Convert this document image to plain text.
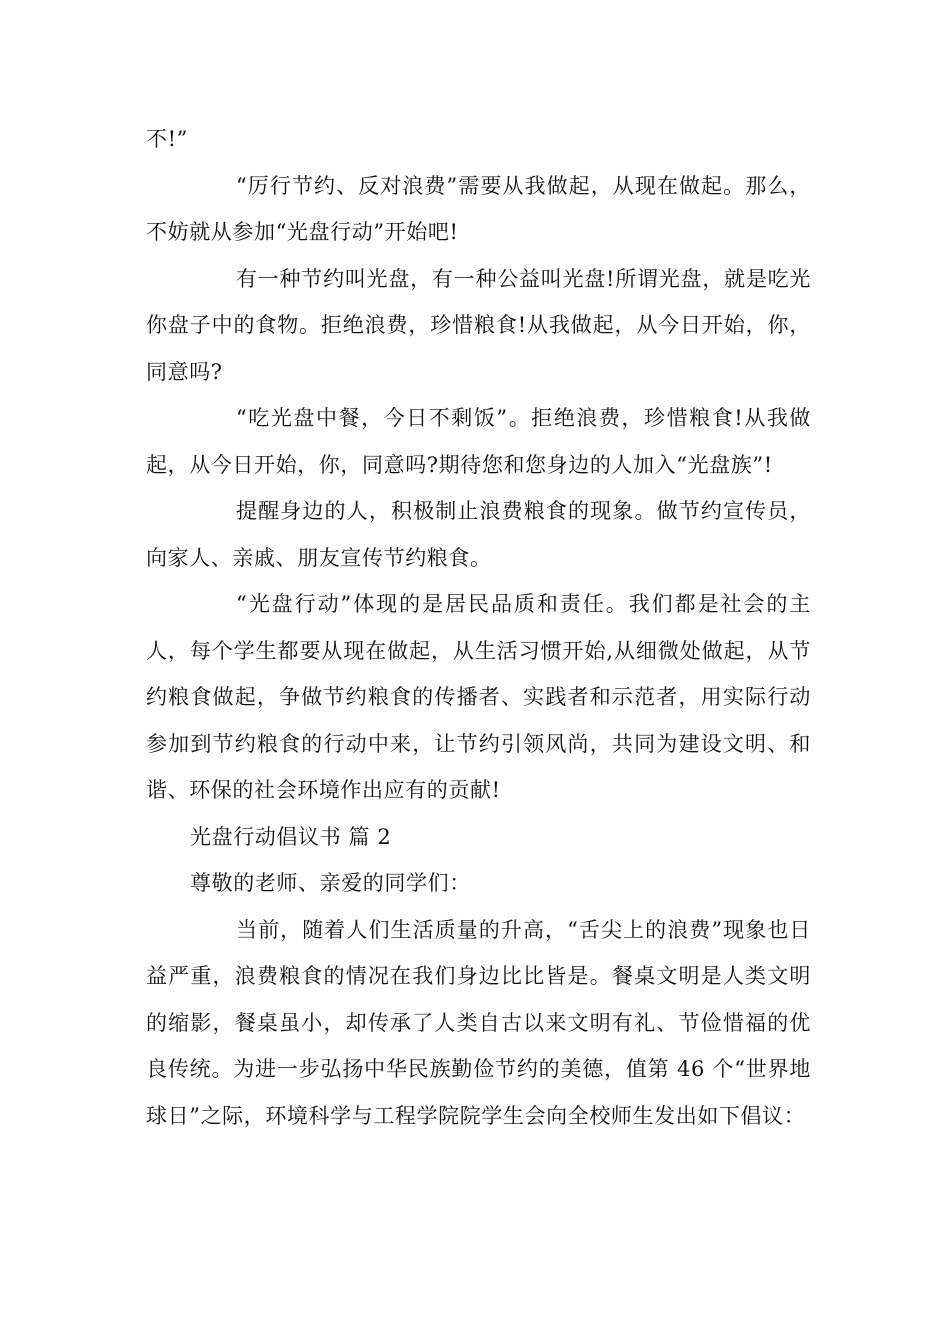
不!”

“厉行节约、反对浪费”需要从我做起，从现在做起。那么，不妨就从参加“光盘行动”开始吧!

有一种节约叫光盘，有一种公益叫光盘!所谓光盘，就是吃光你盘子中的食物。拒绝浪费，珍惜粮食!从我做起，从今日开始，你，同意吗?

“吃光盘中餐，今日不剩饭”。拒绝浪费，珍惜粮食!从我做起，从今日开始，你，同意吗?期待您和您身边的人加入“光盘族”!

提醒身边的人，积极制止浪费粮食的现象。做节约宣传员，向家人、亲戚、朋友宣传节约粮食。

“光盘行动”体现的是居民品质和责任。我们都是社会的主人，每个学生都要从现在做起，从生活习惯开始,从细微处做起，从节约粮食做起，争做节约粮食的传播者、实践者和示范者，用实际行动参加到节约粮食的行动中来，让节约引领风尚，共同为建设文明、和谐、环保的社会环境作出应有的贡献!

光盘行动倡议书 篇 2

尊敬的老师、亲爱的同学们：

当前，随着人们生活质量的升高，“舌尖上的浪费”现象也日益严重，浪费粮食的情况在我们身边比比皆是。餐桌文明是人类文明的缩影，餐桌虽小，却传承了人类自古以来文明有礼、节俭惜福的优良传统。为进一步弘扬中华民族勤俭节约的美德，值第 46 个“世界地球日”之际，环境科学与工程学院院学生会向全校师生发出如下倡议：
